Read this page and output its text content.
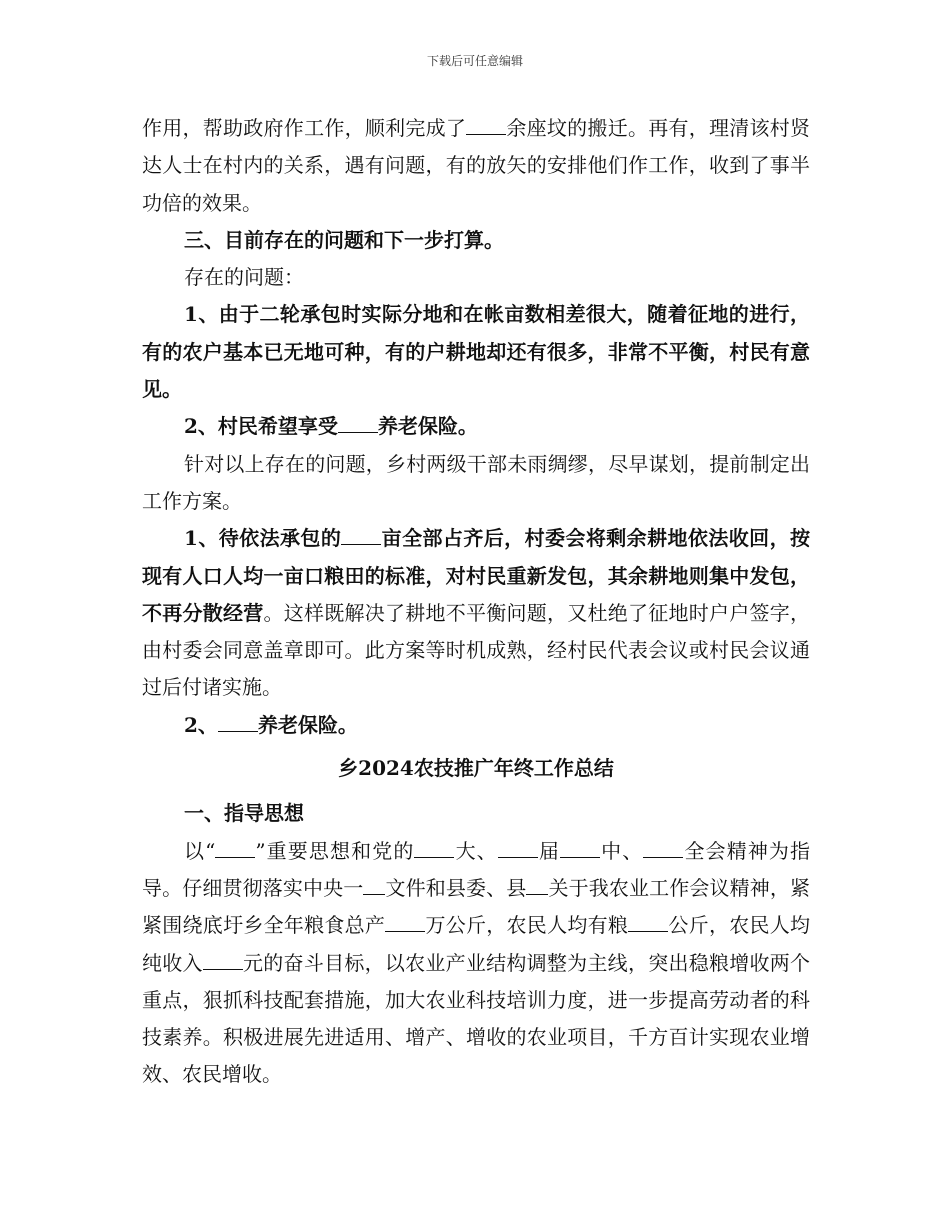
下载后可任意编辑

作用，帮助政府作工作，顺利完成了 余座坟的搬迁。再有，理清该村贤达人士在村内的关系，遇有问题，有的放矢的安排他们作工作，收到了事半功倍的效果。

三、目前存在的问题和下一步打算。

存在的问题：

1、由于二轮承包时实际分地和在帐亩数相差很大，随着征地的进行，有的农户基本已无地可种，有的户耕地却还有很多，非常不平衡，村民有意见。

2、村民希望享受 养老保险。

针对以上存在的问题，乡村两级干部未雨绸缪，尽早谋划，提前制定出工作方案。

1、待依法承包的 亩全部占齐后，村委会将剩余耕地依法收回，按现有人口人均一亩口粮田的标准，对村民重新发包，其余耕地则集中发包，不再分散经营。这样既解决了耕地不平衡问题，又杜绝了征地时户户签字，由村委会同意盖章即可。此方案等时机成熟，经村民代表会议或村民会议通过后付诸实施。

2、 养老保险。

乡2024农技推广年终工作总结

一、指导思想

以“ ”重要思想和党的 大、 届 中、 全会精神为指导。仔细贯彻落实中央一 文件和县委、县 关于我农业工作会议精神，紧紧围绕底圩乡全年粮食总产 万公斤，农民人均有粮 公斤，农民人均纯收入 元的奋斗目标，以农业产业结构调整为主线，突出稳粮增收两个重点，狠抓科技配套措施，加大农业科技培训力度，进一步提高劳动者的科技素养。积极进展先进适用、增产、增收的农业项目，千方百计实现农业增效、农民增收。
